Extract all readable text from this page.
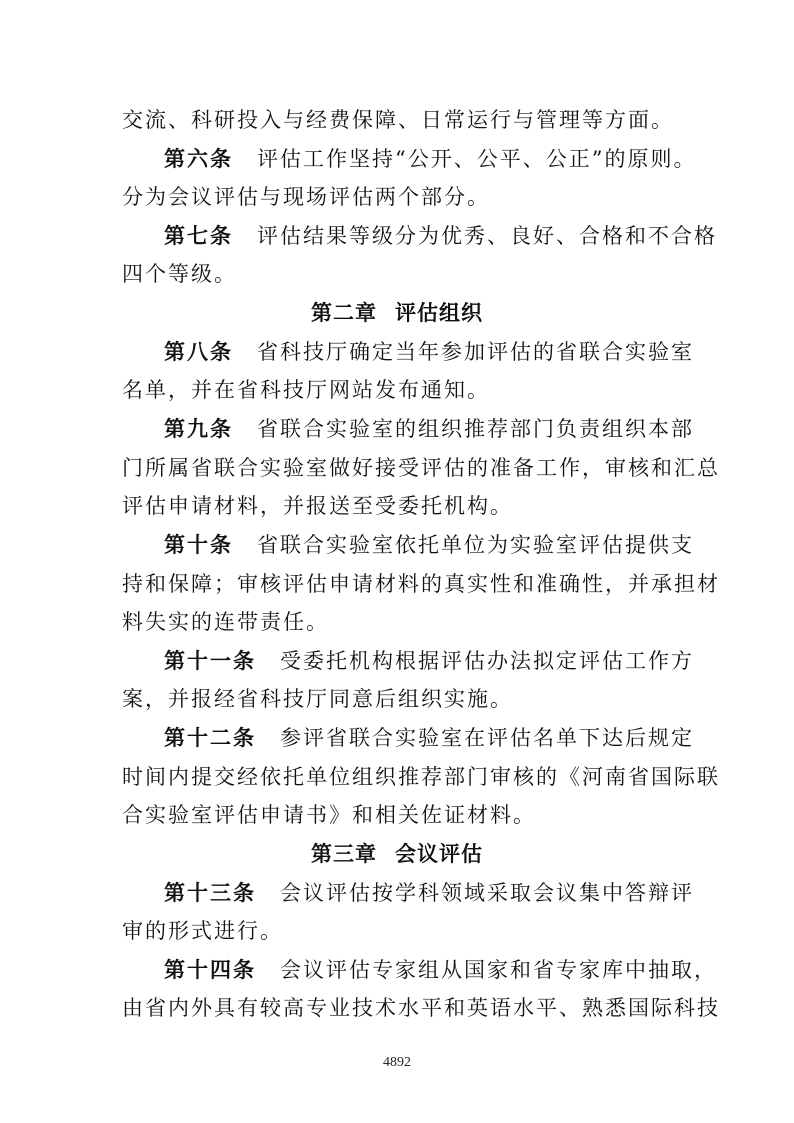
交流、科研投入与经费保障、日常运行与管理等方面。
第六条 评估工作坚持“公开、公平、公正”的原则。
分为会议评估与现场评估两个部分。
第七条 评估结果等级分为优秀、良好、合格和不合格
四个等级。
第二章 评估组织
第八条 省科技厅确定当年参加评估的省联合实验室
名单，并在省科技厅网站发布通知。
第九条 省联合实验室的组织推荐部门负责组织本部
门所属省联合实验室做好接受评估的准备工作，审核和汇总
评估申请材料，并报送至受委托机构。
第十条 省联合实验室依托单位为实验室评估提供支
持和保障；审核评估申请材料的真实性和准确性，并承担材
料失实的连带责任。
第十一条 受委托机构根据评估办法拟定评估工作方
案，并报经省科技厅同意后组织实施。
第十二条 参评省联合实验室在评估名单下达后规定
时间内提交经依托单位组织推荐部门审核的《河南省国际联
合实验室评估申请书》和相关佐证材料。
第三章 会议评估
第十三条 会议评估按学科领域采取会议集中答辩评
审的形式进行。
第十四条 会议评估专家组从国家和省专家库中抽取，
由省内外具有较高专业技术水平和英语水平、熟悉国际科技
4892
